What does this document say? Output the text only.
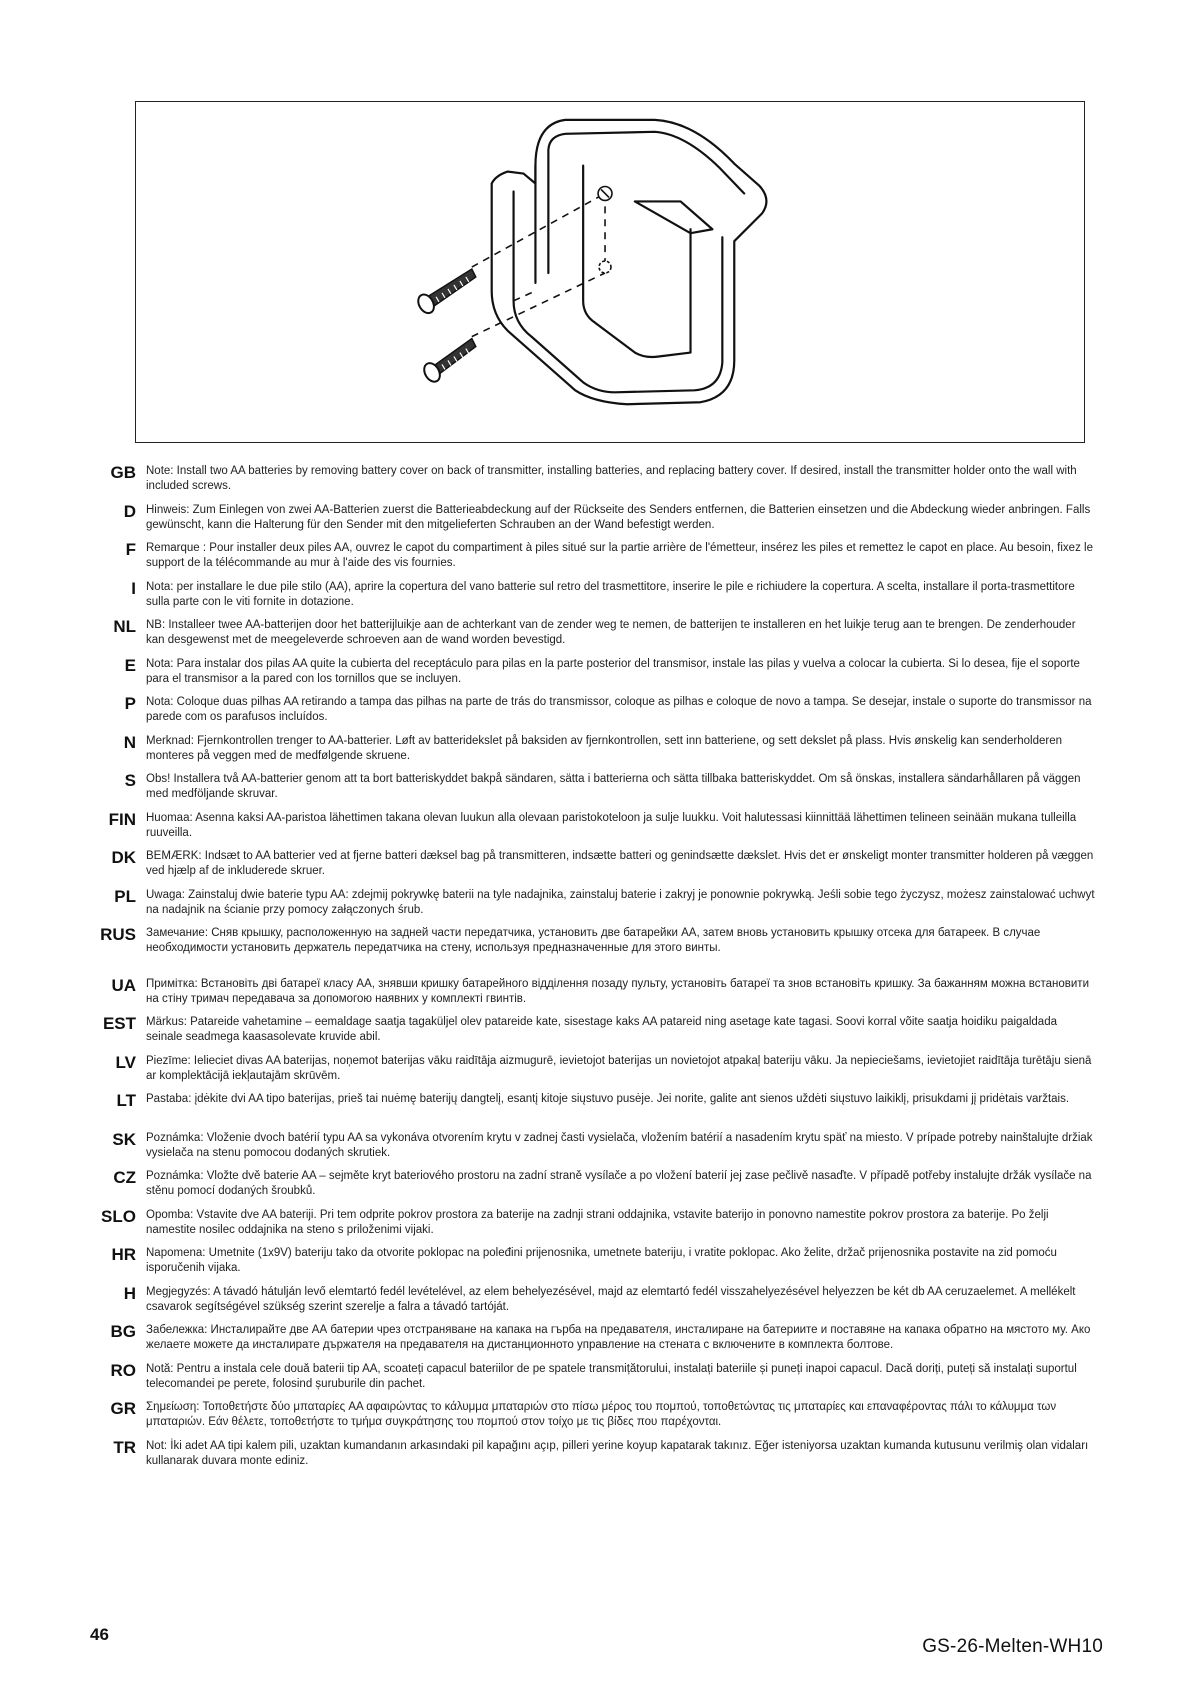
GB Note: Install two AA batteries by removing battery cover on back of transmitter, installing batteries, and replacing battery cover. If desired, install the transmitter holder onto the wall with included screws.
D Hinweis: Zum Einlegen von zwei AA-Batterien zuerst die Batterieabdeckung auf der Rückseite des Senders entfernen, die Batterien einsetzen und die Abdeckung wieder anbringen. Falls gewünscht, kann die Halterung für den Sender mit den mitgelieferten Schrauben an der Wand befestigt werden.
F Remarque : Pour installer deux piles AA, ouvrez le capot du compartiment à piles situé sur la partie arrière de l'émetteur, insérez les piles et remettez le capot en place. Au besoin, fixez le support de la télécommande au mur à l'aide des vis fournies.
I Nota: per installare le due pile stilo (AA), aprire la copertura del vano batterie sul retro del trasmettitore, inserire le pile e richiudere la copertura. A scelta, installare il porta-trasmettitore sulla parte con le viti fornite in dotazione.
NL NB: Installeer twee AA-batterijen door het batterijluikje aan de achterkant van de zender weg te nemen, de batterijen te installeren en het luikje terug aan te brengen. De zenderhouder kan desgewenst met de meegeleverde schroeven aan de wand worden bevestigd.
E Nota: Para instalar dos pilas AA quite la cubierta del receptáculo para pilas en la parte posterior del transmisor, instale las pilas y vuelva a colocar la cubierta. Si lo desea, fije el soporte para el transmisor a la pared con los tornillos que se incluyen.
P Nota: Coloque duas pilhas AA retirando a tampa das pilhas na parte de trás do transmissor, coloque as pilhas e coloque de novo a tampa. Se desejar, instale o suporte do transmissor na parede com os parafusos incluídos.
N Merknad: Fjernkontrollen trenger to AA-batterier. Løft av batteridekslet på baksiden av fjernkontrollen, sett inn batteriene, og sett dekslet på plass. Hvis ønskelig kan senderholderen monteres på veggen med de medfølgende skruene.
S Obs! Installera två AA-batterier genom att ta bort batteriskyddet bakpå sändaren, sätta i batterierna och sätta tillbaka batteriskyddet. Om så önskas, installera sändarhållaren på väggen med medföljande skruvar.
FIN Huomaa: Asenna kaksi AA-paristoa lähettimen takana olevan luukun alla olevaan paristokoteloon ja sulje luukku. Voit halutessasi kiinnittää lähettimen telineen seinään mukana tulleilla ruuveilla.
DK BEMÆRK: Indsæt to AA batterier ved at fjerne batteri dæksel bag på transmitteren, indsætte batteri og genindsætte dækslet. Hvis det er ønskeligt monter transmitter holderen på væggen ved hjælp af de inkluderede skruer.
PL Uwaga: Zainstaluj dwie baterie typu AA: zdejmij pokrywkę baterii na tyle nadajnika, zainstaluj baterie i zakryj je ponownie pokrywką. Jeśli sobie tego życzysz, możesz zainstalować uchwyt na nadajnik na ścianie przy pomocy załączonych śrub.
RUS Замечание: Сняв крышку, расположенную на задней части передатчика, установить две батарейки АА, затем вновь установить крышку отсека для батареек. В случае необходимости установить держатель передатчика на стену, используя предназначенные для этого винты.
UA Примітка: Встановіть дві батареї класу АА, знявши кришку батарейного відділення позаду пульту, установіть батареї та знов встановіть кришку. За бажанням можна встановити на стіну тримач передавача за допомогою наявних у комплекті гвинтів.
EST Märkus: Patareide vahetamine – eemaldage saatja tagaküljel olev patareide kate, sisestage kaks AA patareid ning asetage kate tagasi. Soovi korral võite saatja hoidiku paigaldada seinale seadmega kaasasolevate kruvide abil.
LV Piezīme: Ielieciet divas AA baterijas, noņemot baterijas vāku raidītāja aizmugurē, ievietojot baterijas un novietojot atpakaļ bateriju vāku. Ja nepieciešams, ievietojiet raidītāja turētāju sienā ar komplektācijā iekļautajām skrūvēm.
LT Pastaba: įdėkite dvi AA tipo baterijas, prieš tai nuėmę baterijų dangtelį, esantį kitoje siųstuvo pusėje. Jei norite, galite ant sienos uždėti siųstuvo laikiklį, prisukdami jį pridėtais varžtais.
SK Poznámka: Vloženie dvoch batérií typu AA sa vykonáva otvorením krytu v zadnej časti vysielača, vložením batérií a nasadením krytu späť na miesto. V prípade potreby nainštalujte držiak vysielača na stenu pomocou dodaných skrutiek.
CZ Poznámka: Vložte dvě baterie AA – sejměte kryt bateriového prostoru na zadní straně vysílače a po vložení baterií jej zase pečlivě nasaďte. V případě potřeby instalujte držák vysílače na stěnu pomocí dodaných šroubků.
SLO Opomba: Vstavite dve AA bateriji. Pri tem odprite pokrov prostora za baterije na zadnji strani oddajnika, vstavite baterijo in ponovno namestite pokrov prostora za baterije. Po želji namestite nosilec oddajnika na steno s priloženimi vijaki.
HR Napomena: Umetnite (1x9V) bateriju tako da otvorite poklopac na poleđini prijenosnika, umetnete bateriju, i vratite poklopac. Ako želite, držač prijenosnika postavite na zid pomoću isporučenih vijaka.
H Megjegyzés: A távadó hátulján levő elemtartó fedél levételével, az elem behelyezésével, majd az elemtartó fedél visszahelyezésével helyezzen be két db AA ceruzaelemet. A mellékelt csavarok segítségével szükség szerint szerelje a falra a távadó tartóját.
BG Забележка: Инсталирайте две АА батерии чрез отстраняване на капака на гърба на предавателя, инсталиране на батериите и поставяне на капака обратно на мястото му. Ако желаете можете да инсталирате държателя на предавателя на дистанционното управление на стената с включените в комплекта болтове.
RO Notă: Pentru a instala cele două baterii tip AA, scoateți capacul bateriilor de pe spatele transmițătorului, instalați bateriile și puneți inapoi capacul. Dacă doriți, puteți să instalați suportul telecomandei pe perete, folosind șuruburile din pachet.
GR Σημείωση: Τοποθετήστε δύο μπαταρίες AA αφαιρώντας το κάλυμμα μπαταριών στο πίσω μέρος του πομπού, τοποθετώντας τις μπαταρίες και επαναφέροντας πάλι το κάλυμμα των μπαταριών. Εάν θέλετε, τοποθετήστε το τμήμα συγκράτησης του πομπού στον τοίχο με τις βίδες που παρέχονται.
TR Not: İki adet AA tipi kalem pili, uzaktan kumandanın arkasındaki pil kapağını açıp, pilleri yerine koyup kapatarak takınız. Eğer isteniyorsa uzaktan kumanda kutusunu verilmiş olan vidaları kullanarak duvara monte ediniz.
46
GS-26-Melten-WH10
